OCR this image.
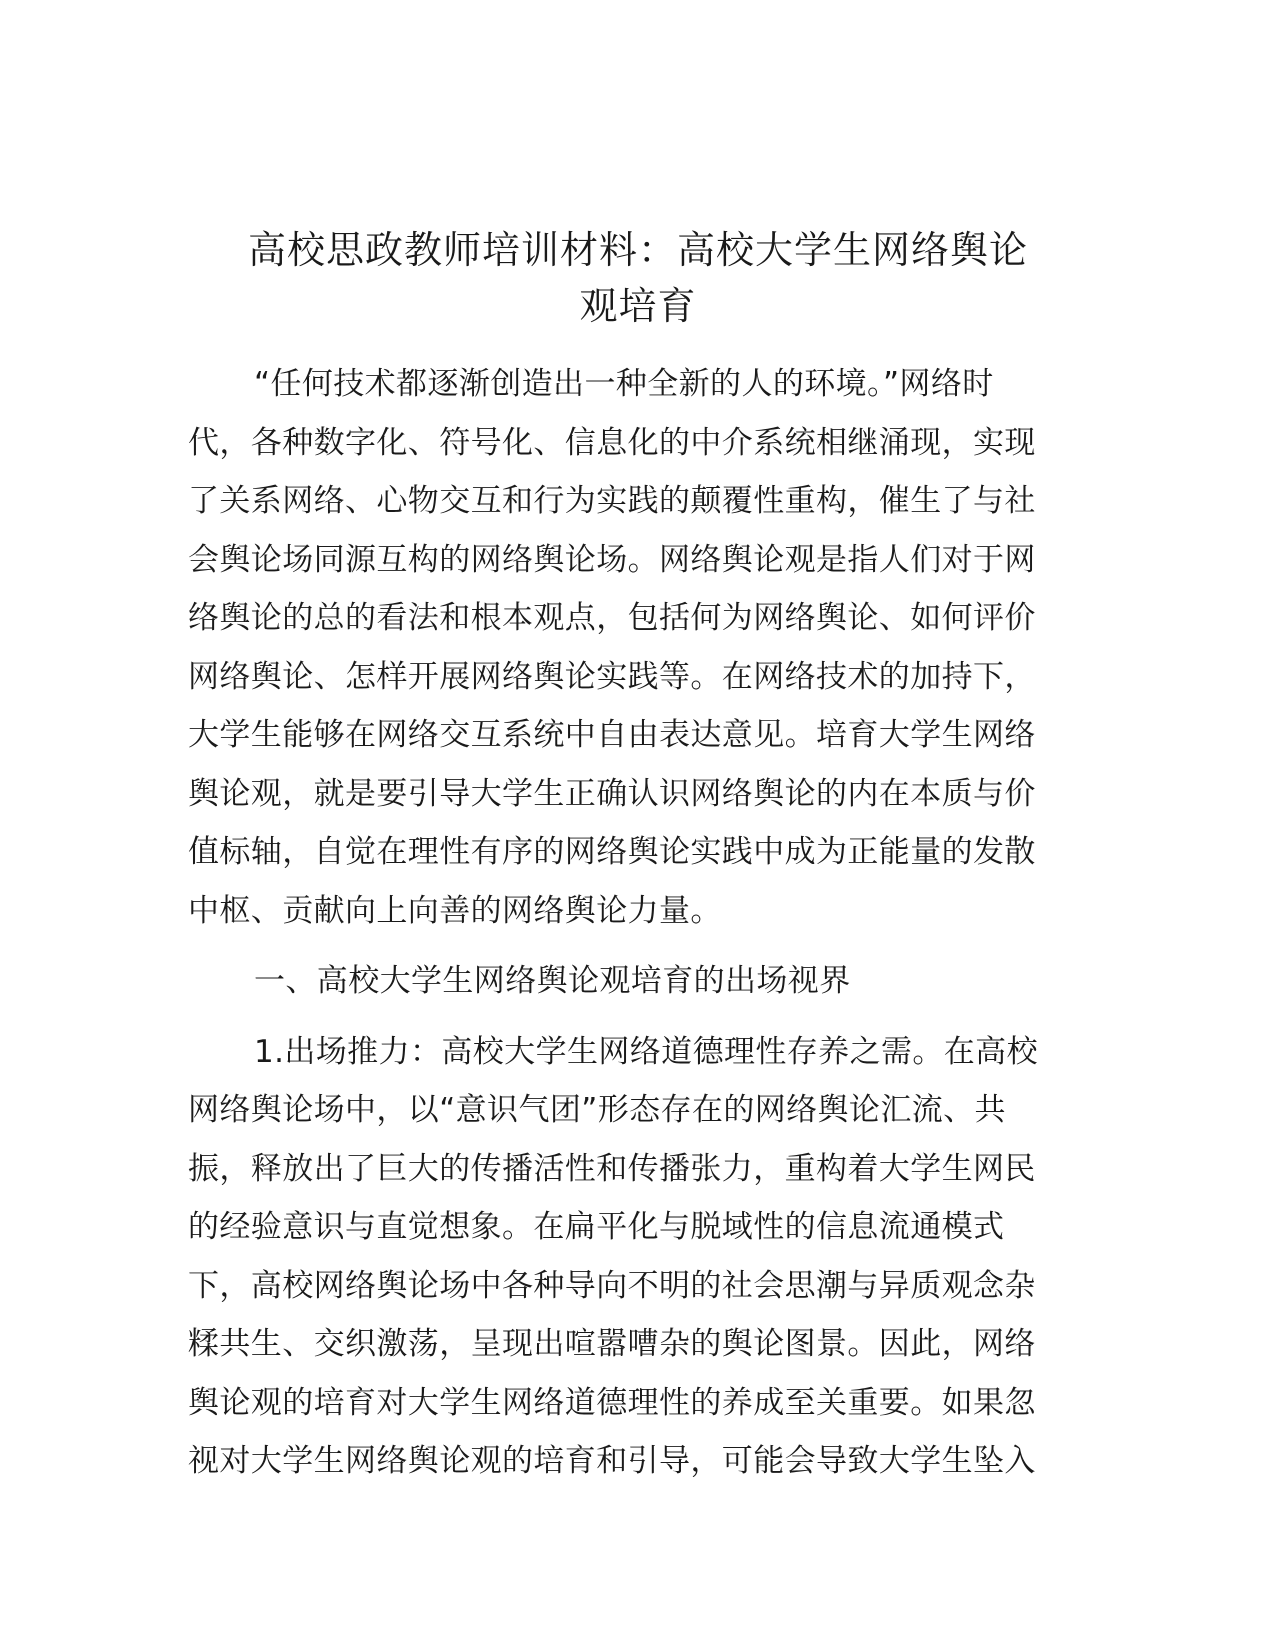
高校思政教师培训材料：高校大学生网络舆论
观培育

“任何技术都逐渐创造出一种全新的人的环境。”网络时
代，各种数字化、符号化、信息化的中介系统相继涌现，实现
了关系网络、心物交互和行为实践的颠覆性重构，催生了与社
会舆论场同源互构的网络舆论场。网络舆论观是指人们对于网
络舆论的总的看法和根本观点，包括何为网络舆论、如何评价
网络舆论、怎样开展网络舆论实践等。在网络技术的加持下，
大学生能够在网络交互系统中自由表达意见。培育大学生网络
舆论观，就是要引导大学生正确认识网络舆论的内在本质与价
值标轴，自觉在理性有序的网络舆论实践中成为正能量的发散
中枢、贡献向上向善的网络舆论力量。

一、高校大学生网络舆论观培育的出场视界

1.出场推力：高校大学生网络道德理性存养之需。在高校
网络舆论场中，以“意识气团”形态存在的网络舆论汇流、共
振，释放出了巨大的传播活性和传播张力，重构着大学生网民
的经验意识与直觉想象。在扁平化与脱域性的信息流通模式
下，高校网络舆论场中各种导向不明的社会思潮与异质观念杂
糅共生、交织激荡，呈现出喧嚣嘈杂的舆论图景。因此，网络
舆论观的培育对大学生网络道德理性的养成至关重要。如果忽
视对大学生网络舆论观的培育和引导，可能会导致大学生坠入
